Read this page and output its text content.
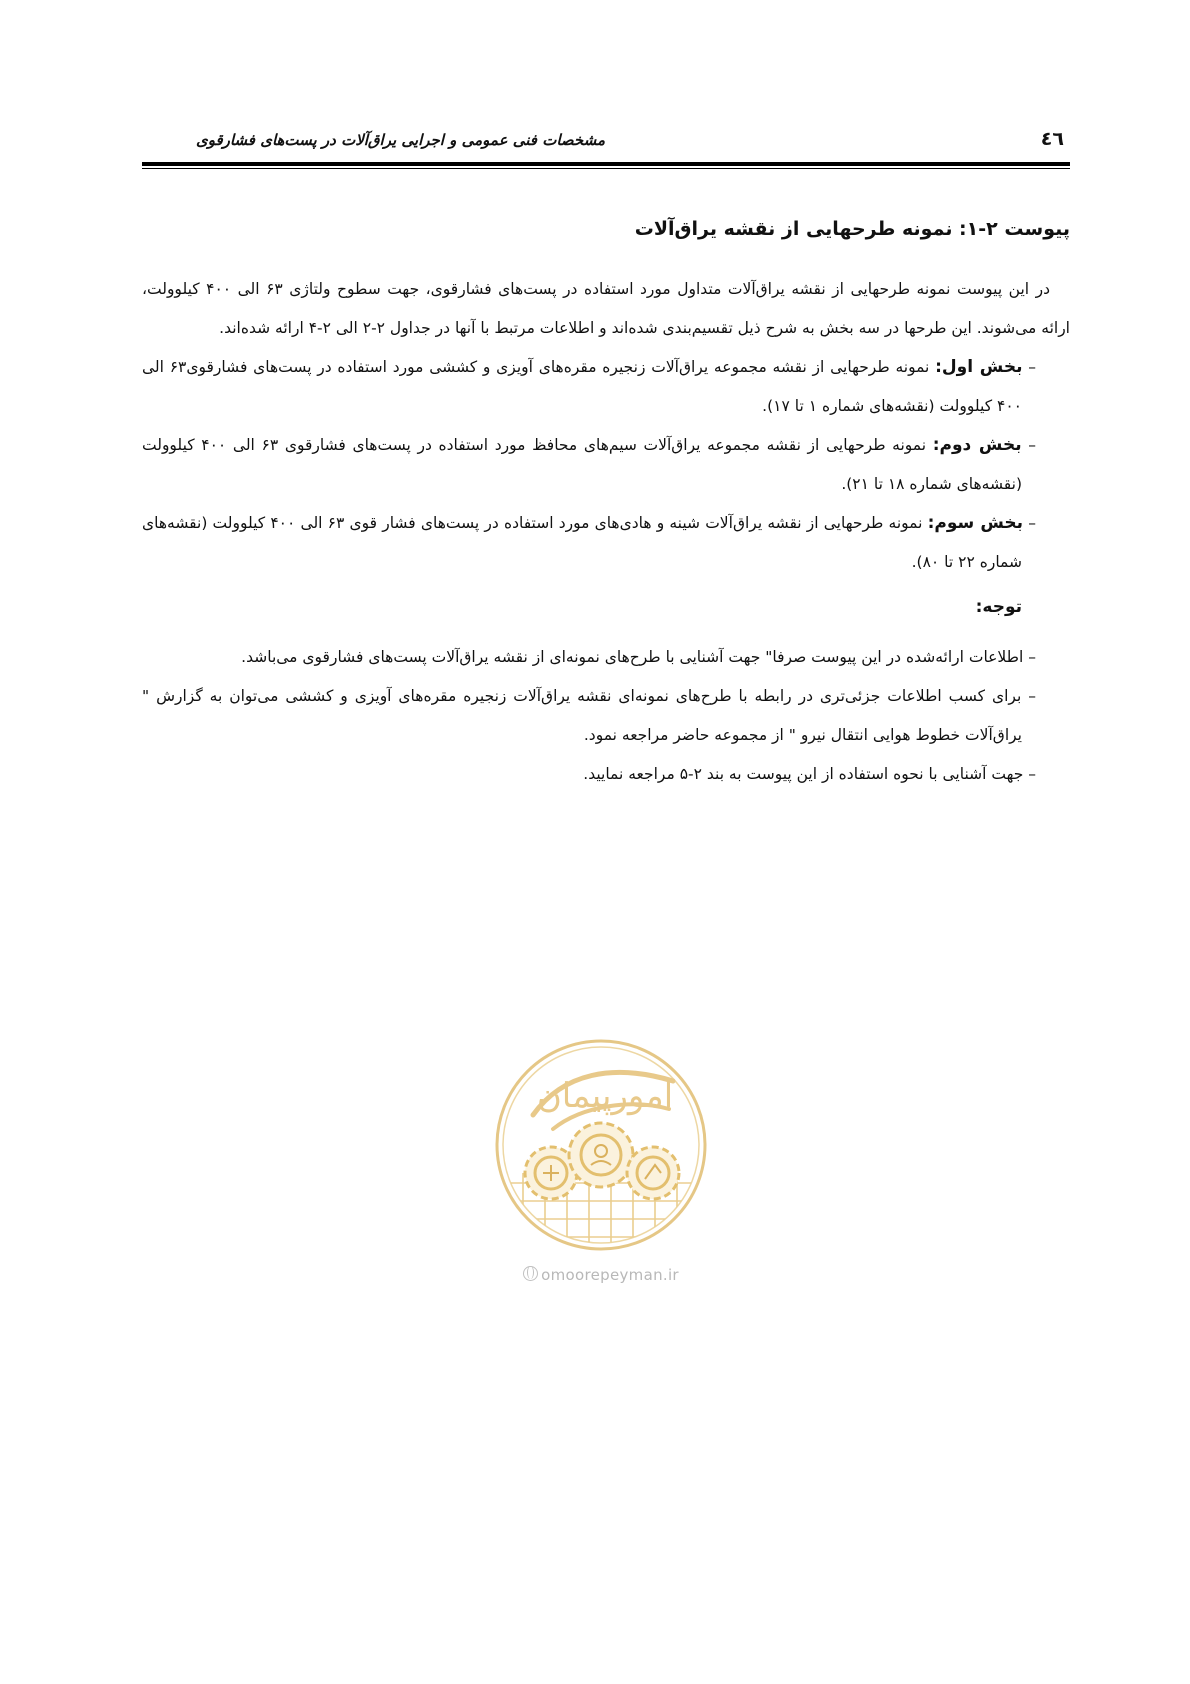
٤٦
مشخصات فنی عمومی و اجرایی یراق‌آلات در پست‌های فشارقوی
پیوست ۲-۱: نمونه طرحهایی از نقشه یراق‌آلات

در این پیوست نمونه طرحهایی از نقشه یراق‌آلات متداول مورد استفاده در پست‌های فشارقوی، جهت سطوح ولتاژی ۶۳ الی ۴۰۰ کیلوولت، ارائه می‌شوند. این طرحها در سه بخش به شرح ذیل تقسیم‌بندی شده‌اند و اطلاعات مرتبط با آنها در جداول ۲-۲ الی ۲-۴ ارائه شده‌اند.

– بخش اول: نمونه طرحهایی از نقشه مجموعه یراق‌آلات زنجیره مقره‌های آویزی و کششی مورد استفاده در پست‌های فشارقوی۶۳ الی ۴۰۰ کیلوولت (نقشه‌های شماره ۱ تا ۱۷).
– بخش دوم: نمونه طرحهایی از نقشه مجموعه یراق‌آلات سیم‌های محافظ مورد استفاده در پست‌های فشارقوی ۶۳ الی ۴۰۰ کیلوولت (نقشه‌های شماره ۱۸ تا ۲۱).
– بخش سوم: نمونه طرحهایی از نقشه یراق‌آلات شینه و هادی‌های مورد استفاده در پست‌های فشار قوی ۶۳ الی ۴۰۰ کیلوولت (نقشه‌های شماره ۲۲ تا ۸۰).
توجه:
– اطلاعات ارائه‌شده در این پیوست صرفا" جهت آشنایی با طرح‌های نمونه‌ای از نقشه یراق‌آلات پست‌های فشارقوی می‌باشد.
– برای کسب اطلاعات جزئی‌تری در رابطه با طرح‌های نمونه‌ای نقشه یراق‌آلات زنجیره مقره‌های آویزی و کششی می‌توان به گزارش " یراق‌آلات خطوط هوایی انتقال نیرو " از مجموعه حاضر مراجعه نمود.
– جهت آشنایی با نحوه استفاده از این پیوست به بند ۲-۵ مراجعه نمایید.
امورپیمان
omoorepeyman.ir
